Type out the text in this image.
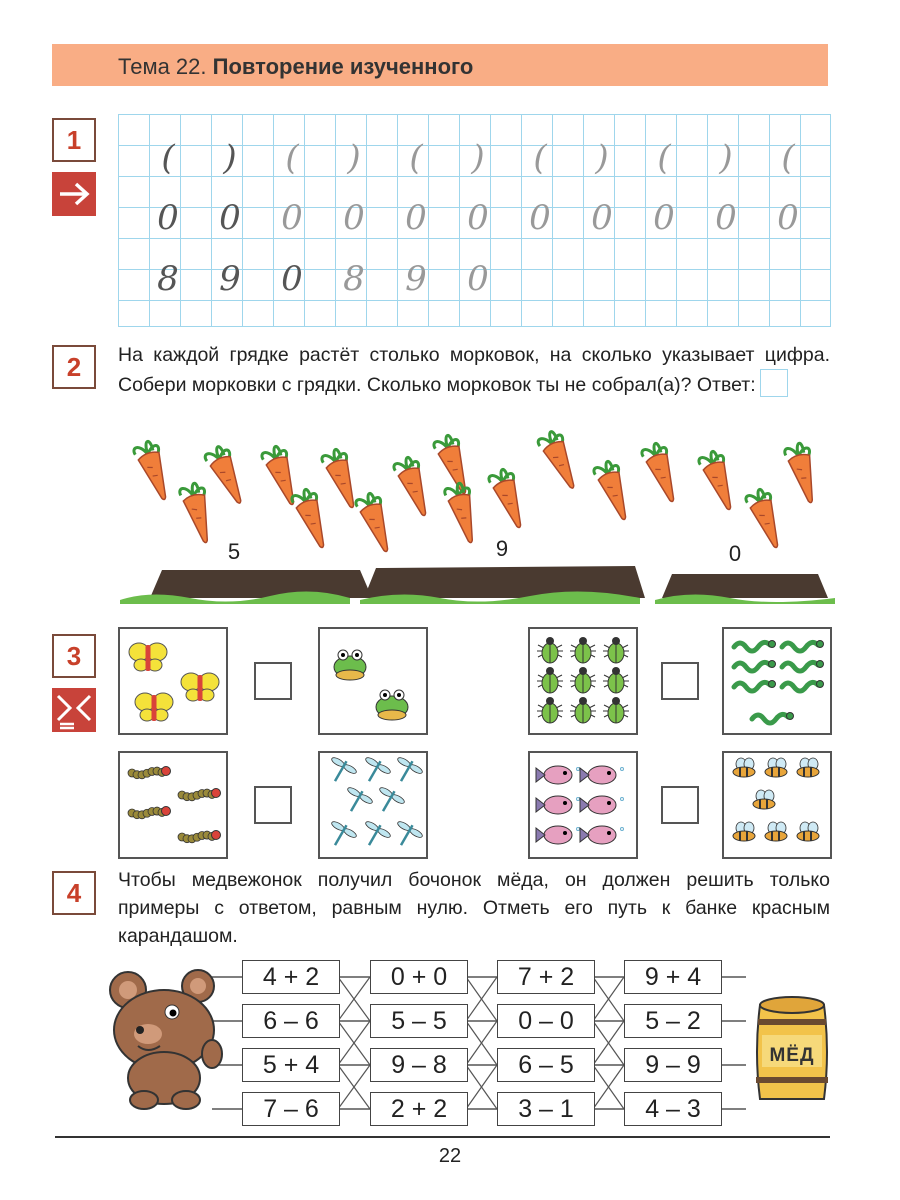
Тема 22. Повторение изученного
1	(	)	(	)	(	)	(	)	(	)	(
0 0 0 0 0 0 0 0 0 0 0
8 9 0 8 9 0
2	На каждой грядке растёт столько морковок, на сколько указывает цифра. Собери морковки с грядки. Сколько морковок ты не собрал(а)? Ответ:
5	9	0
3
4	Чтобы медвежонок получил бочонок мёда, он должен решить только примеры с ответом, равным нулю. Отметь его путь к банке красным карандашом.
МЁД
4 + 2	0 + 0	7 + 2	9 + 4
6 – 6	5 – 5	0 – 0	5 – 2
5 + 4	9 – 8	6 – 5	9 – 9
7 – 6	2 + 2	3 – 1	4 – 3
22
